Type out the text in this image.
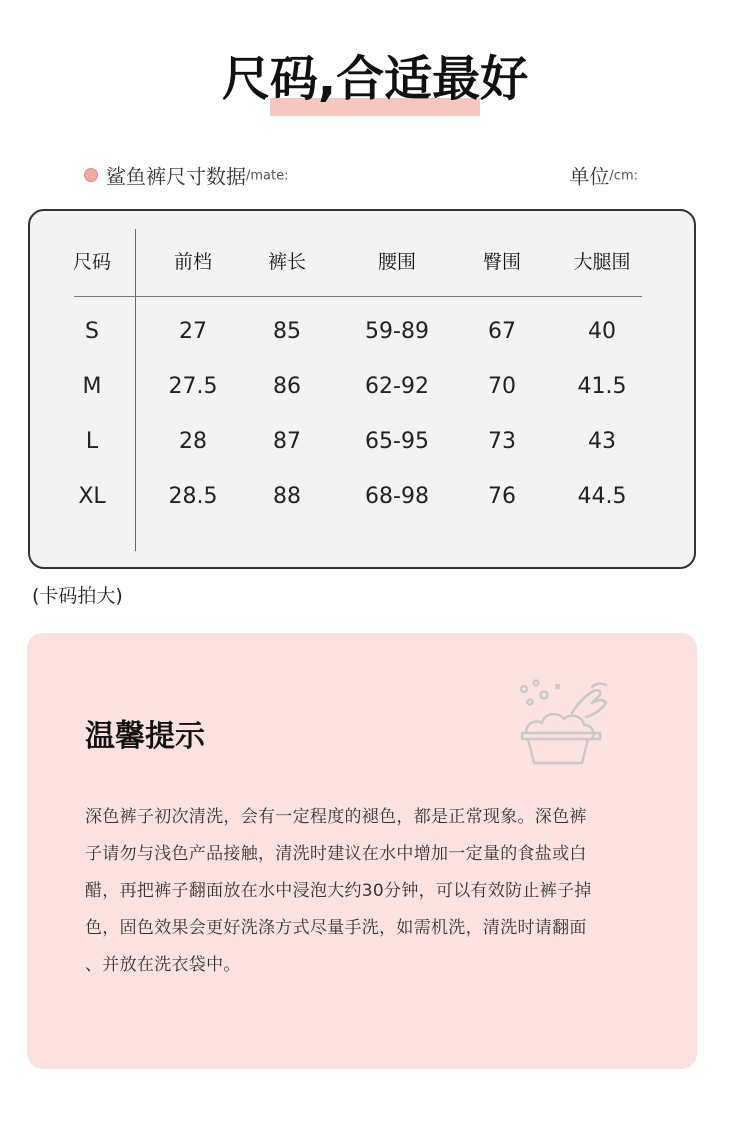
尺码,合适最好
鲨鱼裤尺寸数据/mate:	单位/cm:
尺码	前档	裤长	腰围	臀围	大腿围
S	27	85	59-89	67	40
M	27.5	86	62-92	70	41.5
L	28	87	65-95	73	43
XL	28.5	88	68-98	76	44.5
(卡码拍大)
温馨提示
深色裤子初次清洗，会有一定程度的褪色，都是正常现象。深色裤
子请勿与浅色产品接触，清洗时建议在水中增加一定量的食盐或白
醋，再把裤子翻面放在水中浸泡大约30分钟，可以有效防止裤子掉
色，固色效果会更好洗涤方式尽量手洗，如需机洗，清洗时请翻面
、并放在洗衣袋中。
